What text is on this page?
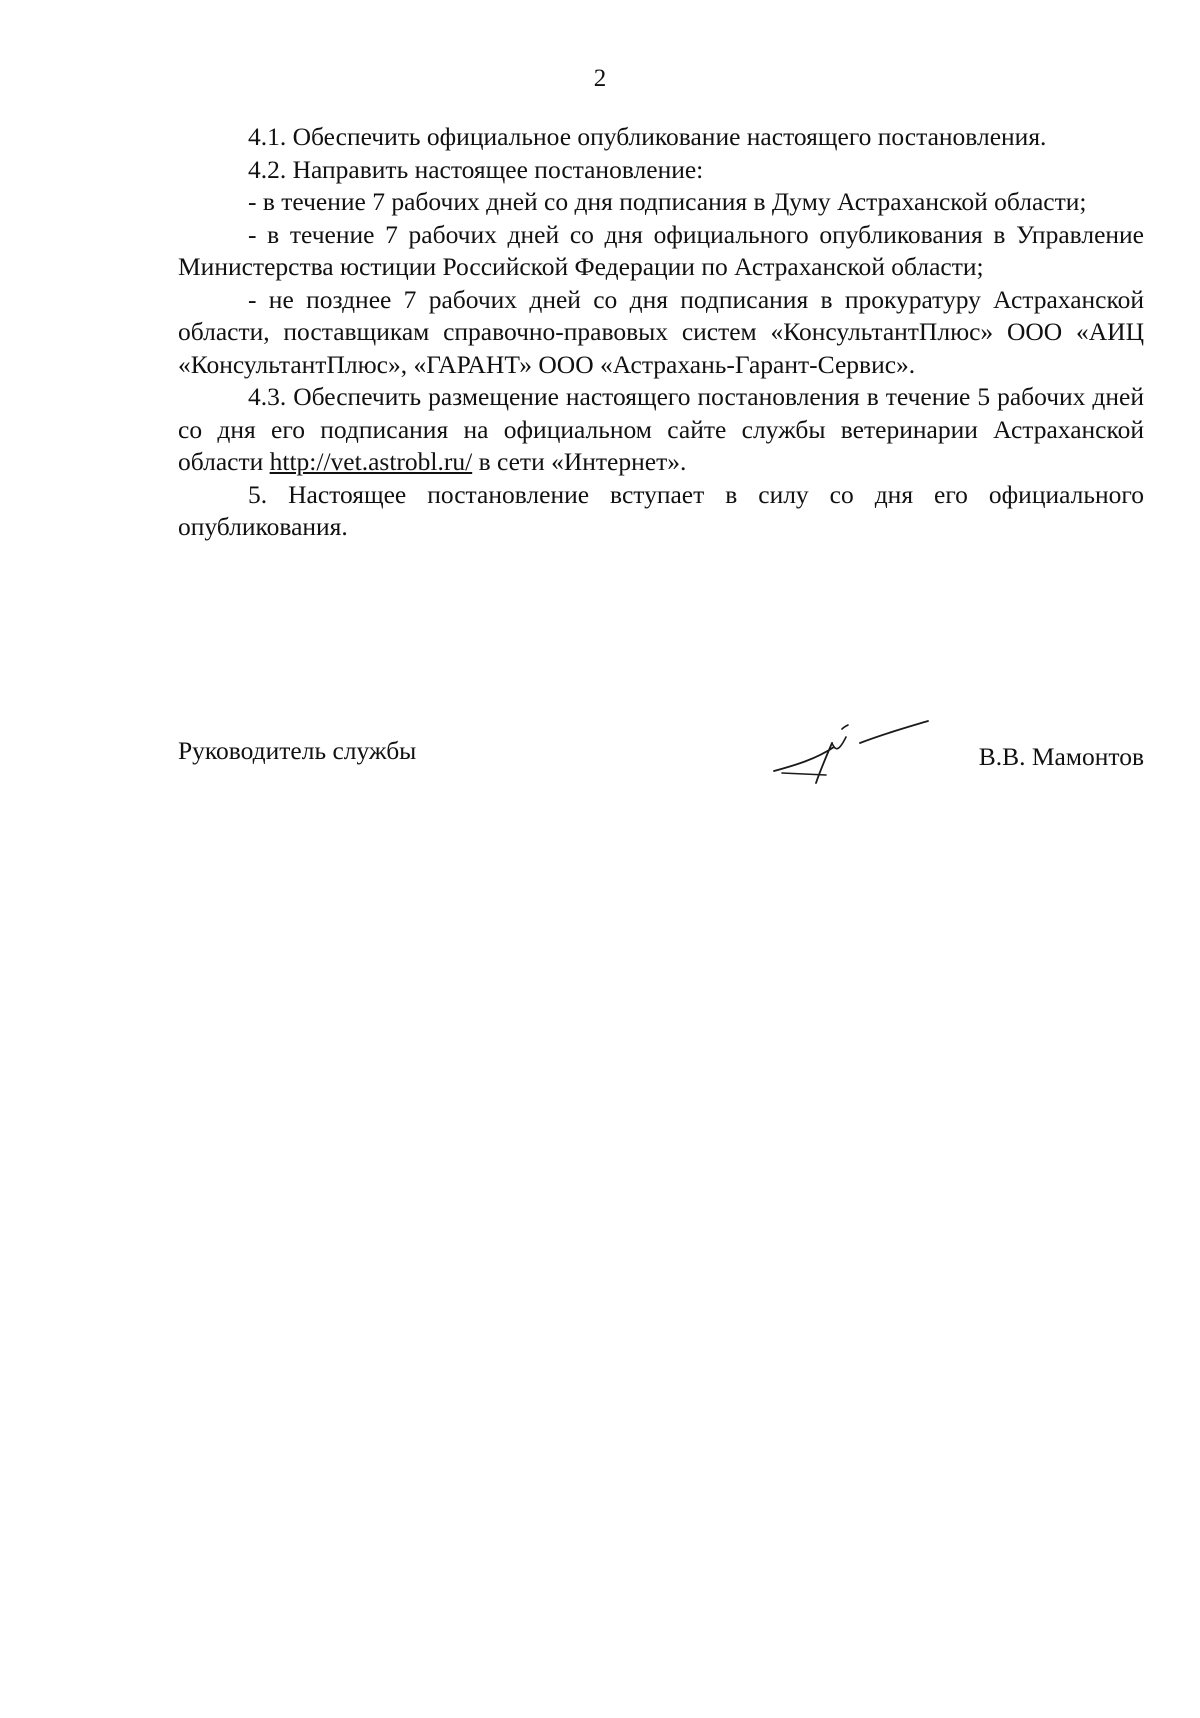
2

4.1. Обеспечить официальное опубликование настоящего постановления.

4.2. Направить настоящее постановление:

- в течение 7 рабочих дней со дня подписания в Думу Астраханской области;

- в течение 7 рабочих дней со дня официального опубликования в Управление Министерства юстиции Российской Федерации по Астраханской области;

- не позднее 7 рабочих дней со дня подписания в прокуратуру Астраханской области, поставщикам справочно-правовых систем «КонсультантПлюс» ООО «АИЦ «КонсультантПлюс», «ГАРАНТ» ООО «Астрахань-Гарант-Сервис».

4.3. Обеспечить размещение настоящего постановления в течение 5 рабочих дней со дня его подписания на официальном сайте службы ветеринарии Астраханской области http://vet.astrobl.ru/ в сети «Интернет».

5. Настоящее постановление вступает в силу со дня его официального опубликования.

Руководитель службы	В.В. Мамонтов
